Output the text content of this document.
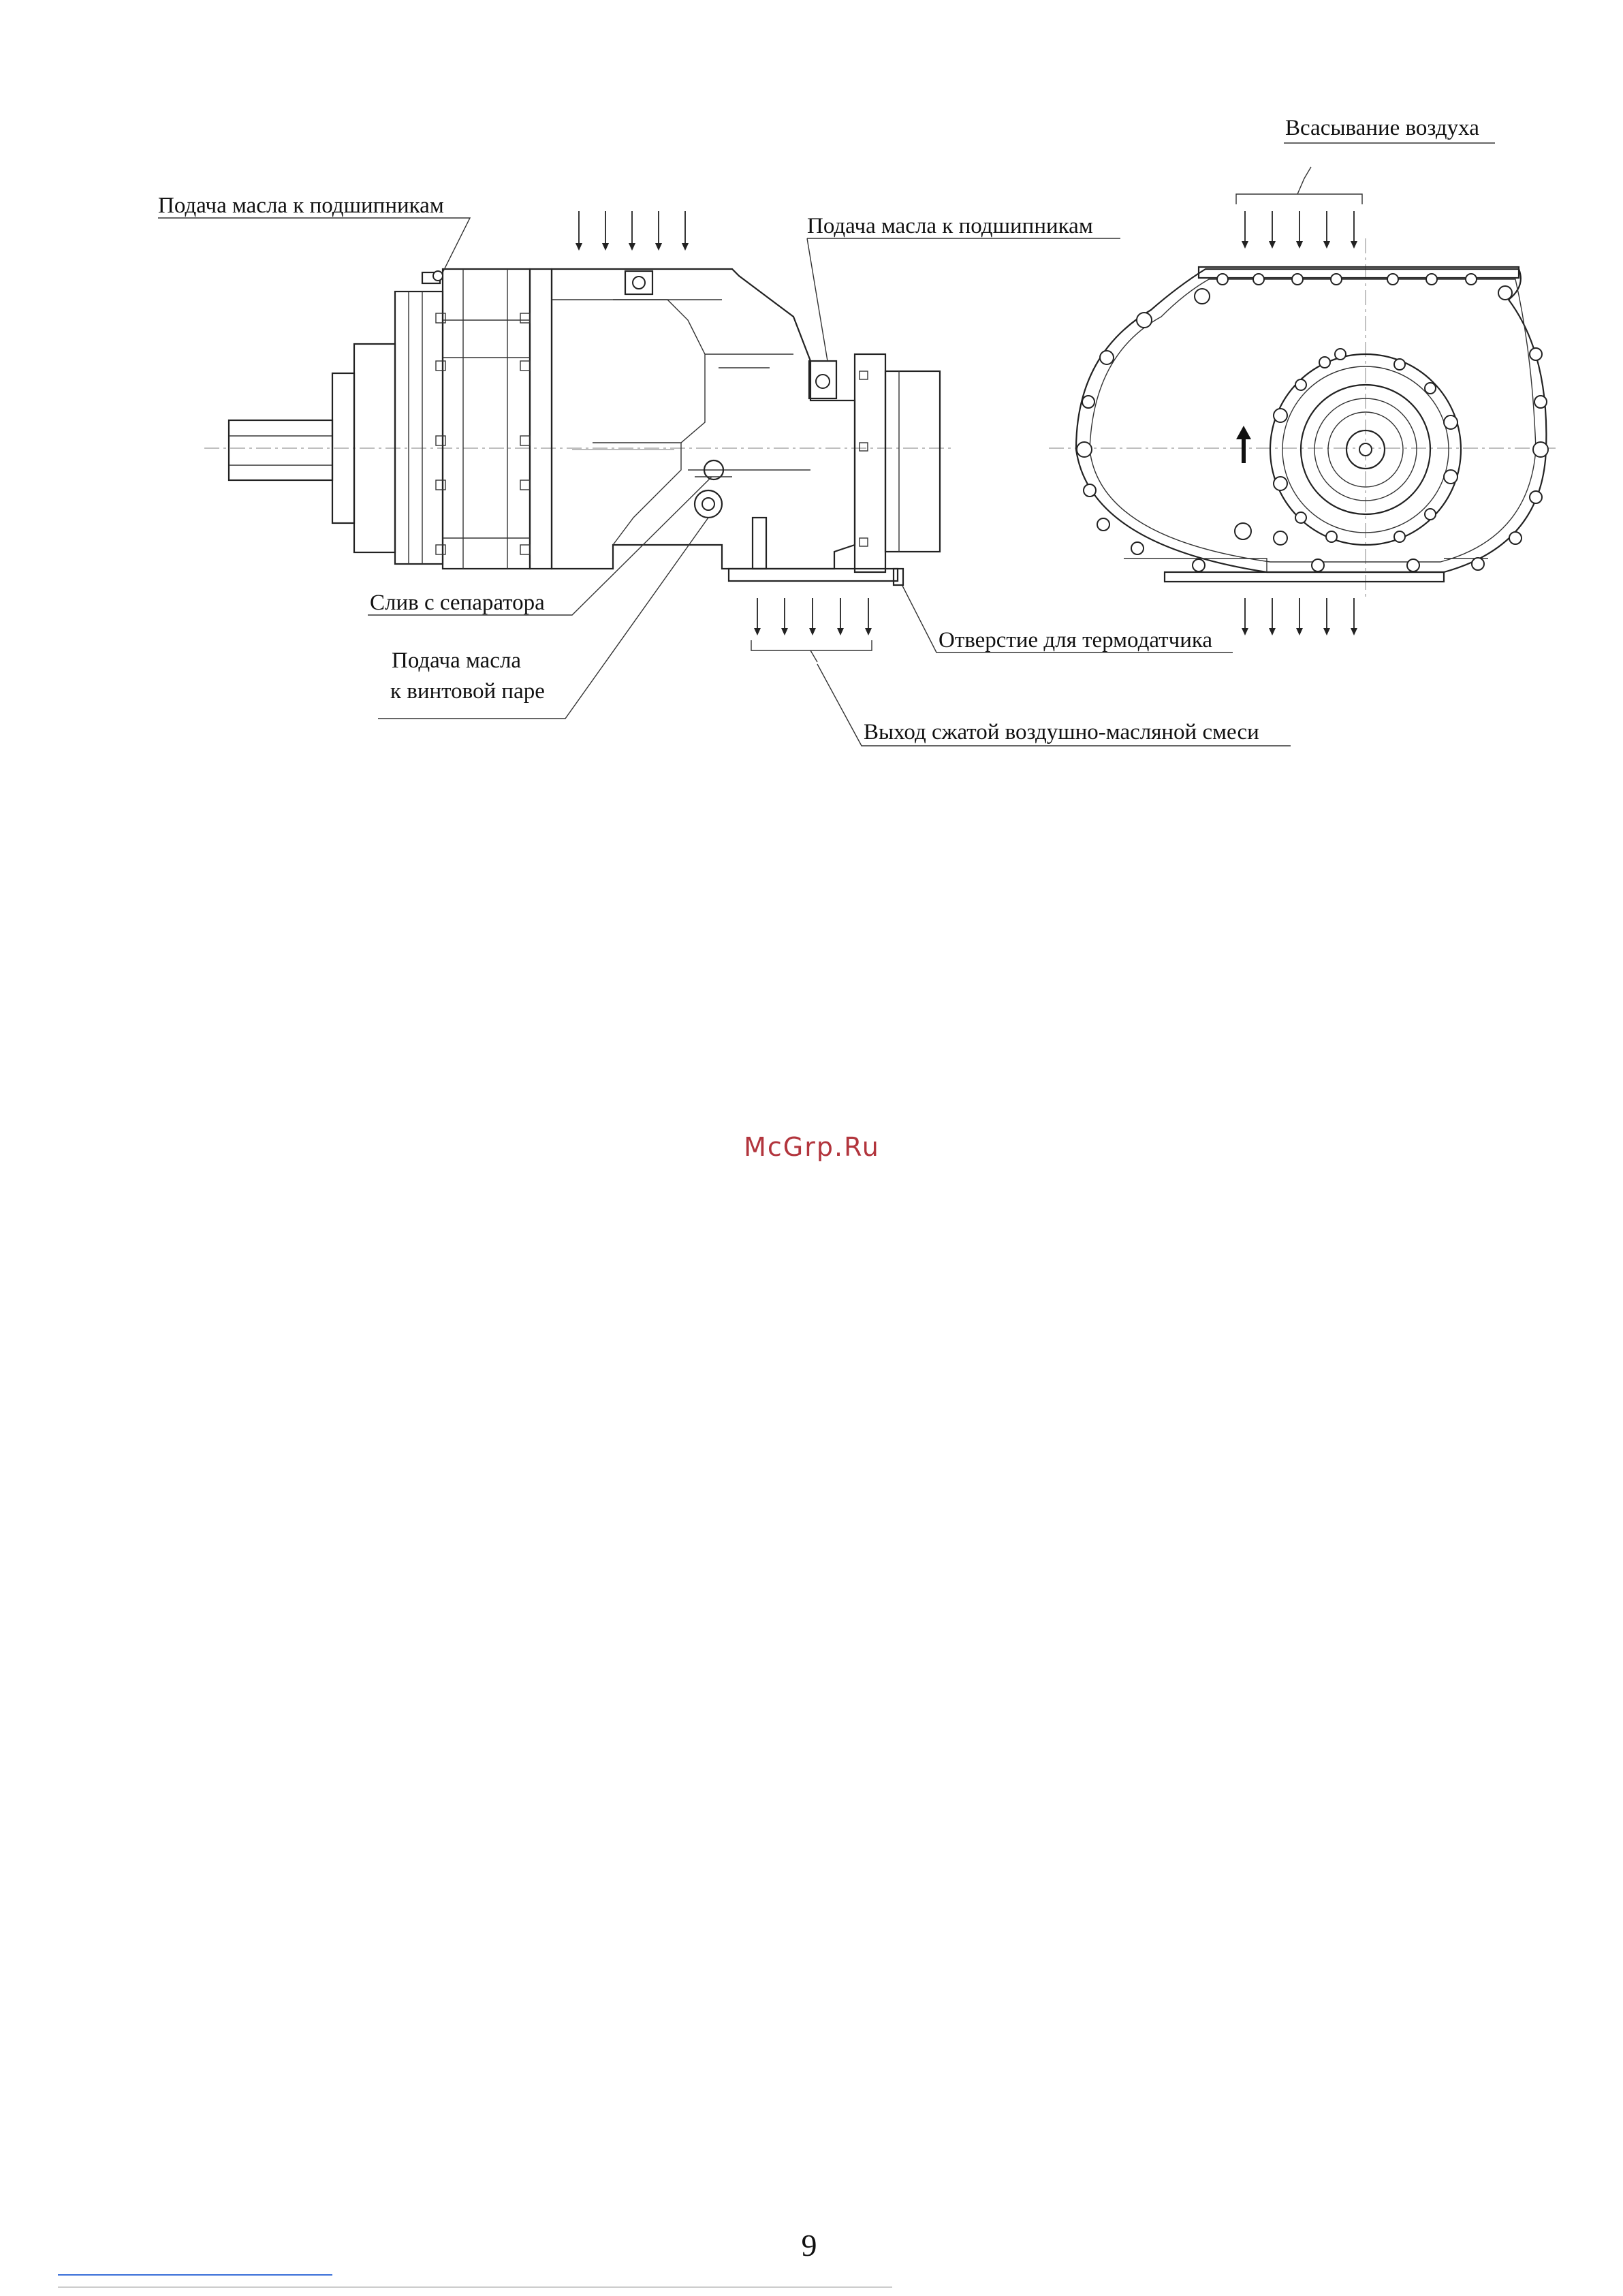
Подача масла к подшипникам
Подача масла к подшипникам
Всасывание воздуха
Слив с сепаратора
Подача масла
к винтовой паре
Отверстие для термодатчика
Выход сжатой воздушно-масляной смеси
McGrp.Ru
9
